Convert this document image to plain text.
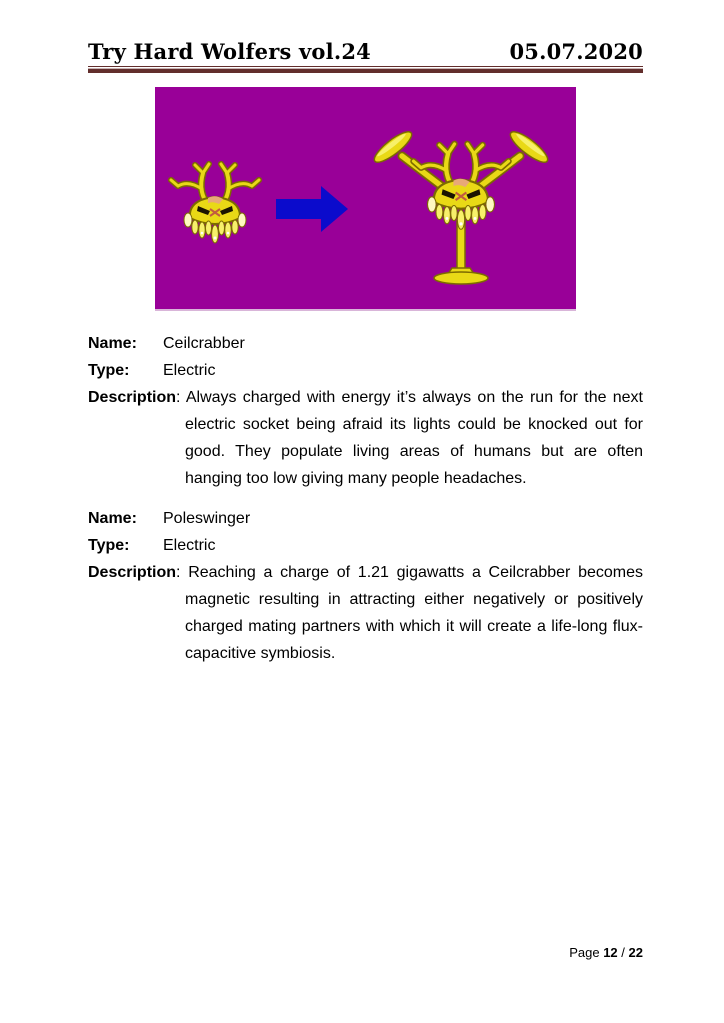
Try Hard Wolfers vol.24	05.07.2020
Name:	Ceilcrabber
Type:	Electric

Description: Always charged with energy it’s always on the run for the next electric socket being afraid its lights could be knocked out for good. They populate living areas of humans but are often hanging too low giving many people headaches.

Name:	Poleswinger
Type:	Electric

Description: Reaching a charge of 1.21 gigawatts a Ceilcrabber becomes magnetic resulting in attracting either negatively or positively charged mating partners with which it will create a life-long flux-capacitive symbiosis.

Page 12 / 22
